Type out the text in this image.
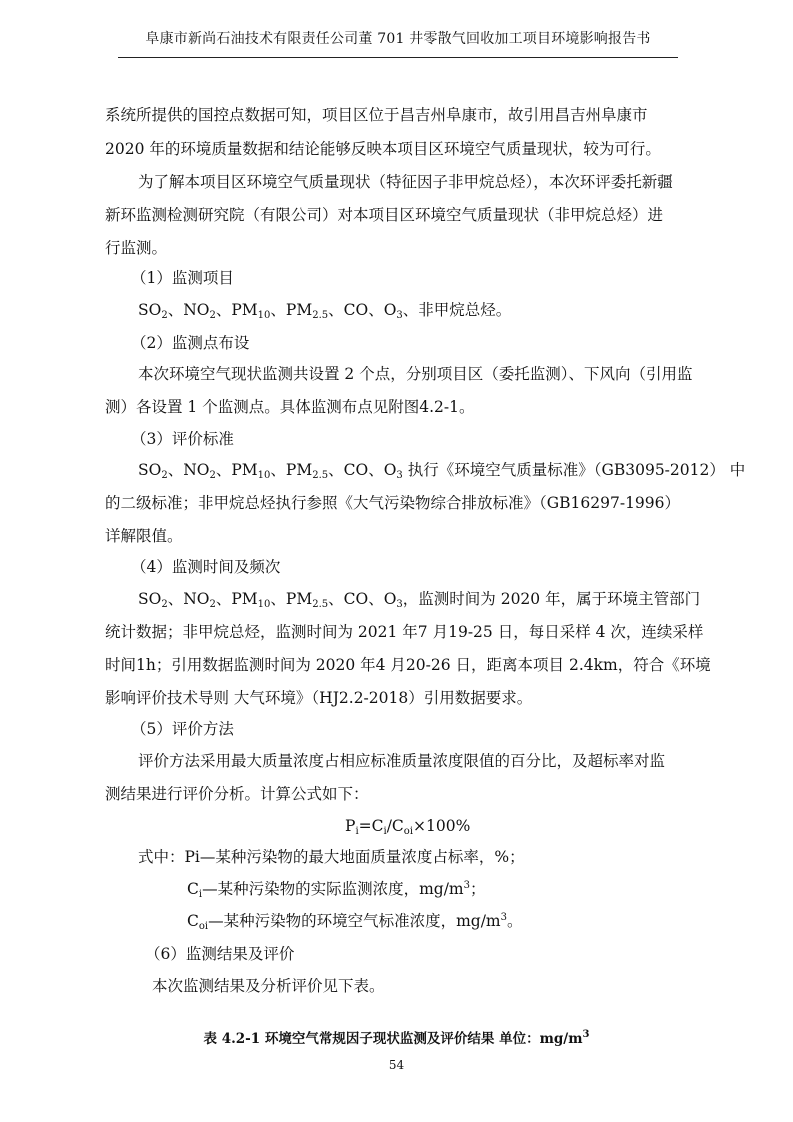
阜康市新尚石油技术有限责任公司董 701 井零散气回收加工项目环境影响报告书
系统所提供的国控点数据可知，项目区位于昌吉州阜康市，故引用昌吉州阜康市
2020 年的环境质量数据和结论能够反映本项目区环境空气质量现状，较为可行。
为了解本项目区环境空气质量现状（特征因子非甲烷总烃），本次环评委托新疆
新环监测检测研究院（有限公司）对本项目区环境空气质量现状（非甲烷总烃）进
行监测。
（1）监测项目
$SO_2$、$NO_2$、$PM_{10}$、$PM_{2.5}$、CO、$O_3$、非甲烷总烃。
（2）监测点布设
本次环境空气现状监测共设置 2 个点，分别项目区（委托监测）、下风向（引用监
测）各设置 1 个监测点。具体监测布点见附图4.2-1。
（3）评价标准
$SO_2$、$NO_2$、$PM_{10}$、$PM_{2.5}$、CO、$O_3$ 执行《环境空气质量标准》（GB3095-2012） 中
的二级标准；非甲烷总烃执行参照《大气污染物综合排放标准》（GB16297-1996）
详解限值。
（4）监测时间及频次
$SO_2$、$NO_2$、$PM_{10}$、$PM_{2.5}$、CO、$O_3$，监测时间为 2020 年，属于环境主管部门
统计数据；非甲烷总烃，监测时间为 2021 年7 月19-25 日，每日采样 4 次，连续采样
时间1h；引用数据监测时间为 2020 年4 月20-26 日，距离本项目 2.4km，符合《环境
影响评价技术导则 大气环境》（HJ2.2-2018）引用数据要求。
（5）评价方法
评价方法采用最大质量浓度占相应标准质量浓度限值的百分比，及超标率对监
测结果进行评价分析。计算公式如下：
$P_i=C_i/C_{oi}\times 100\%$
式中：Pi—某种污染物的最大地面质量浓度占标率，%；
$C_i—$某种污染物的实际监测浓度，$mg/m^3$；
$C_{oi}—$某种污染物的环境空气标准浓度，$mg/m^3$。
（6）监测结果及评价
本次监测结果及分析评价见下表。
表 4.2-1 环境空气常规因子现状监测及评价结果 单位：$mg/m^3$
54
